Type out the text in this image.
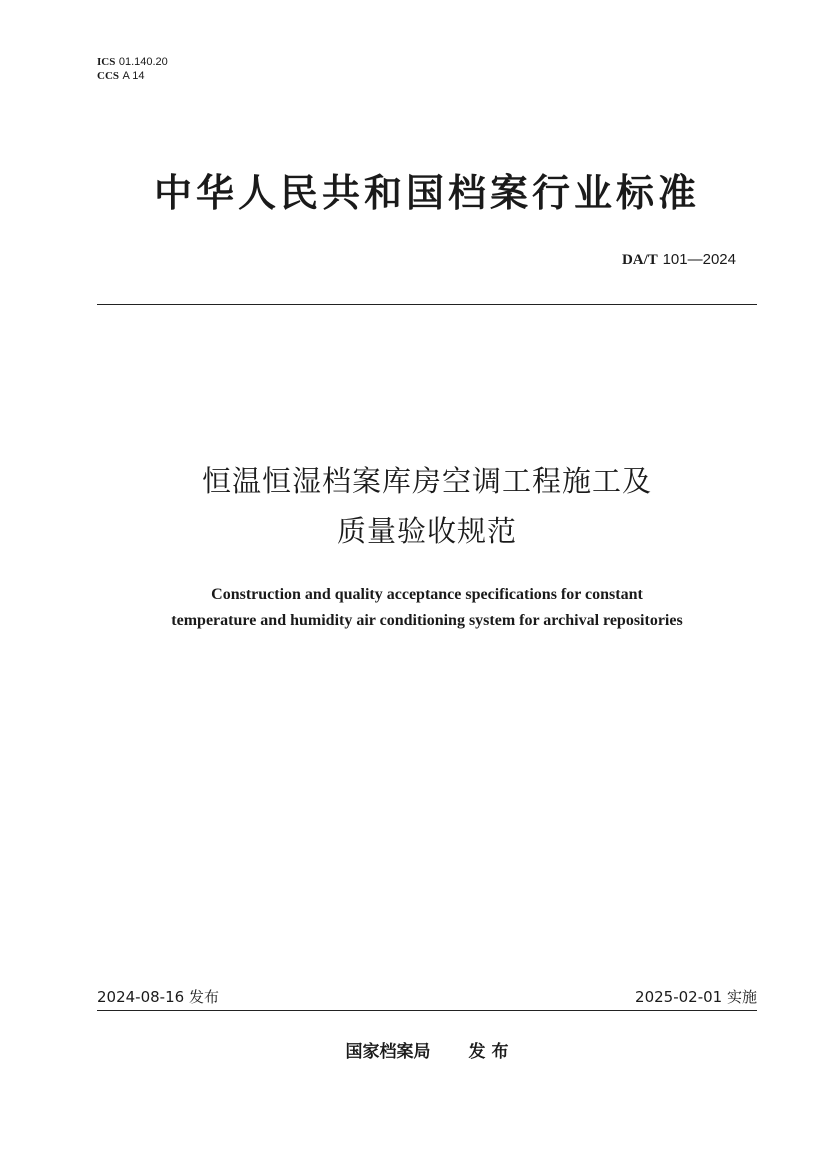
ICS 01.140.20
CCS A 14
中华人民共和国档案行业标准
DA/T 101—2024
恒温恒湿档案库房空调工程施工及
质量验收规范
Construction and quality acceptance specifications for constant
temperature and humidity air conditioning system for archival repositories
2024-08-16 发布	2025-02-01 实施
国家档案局 发 布
